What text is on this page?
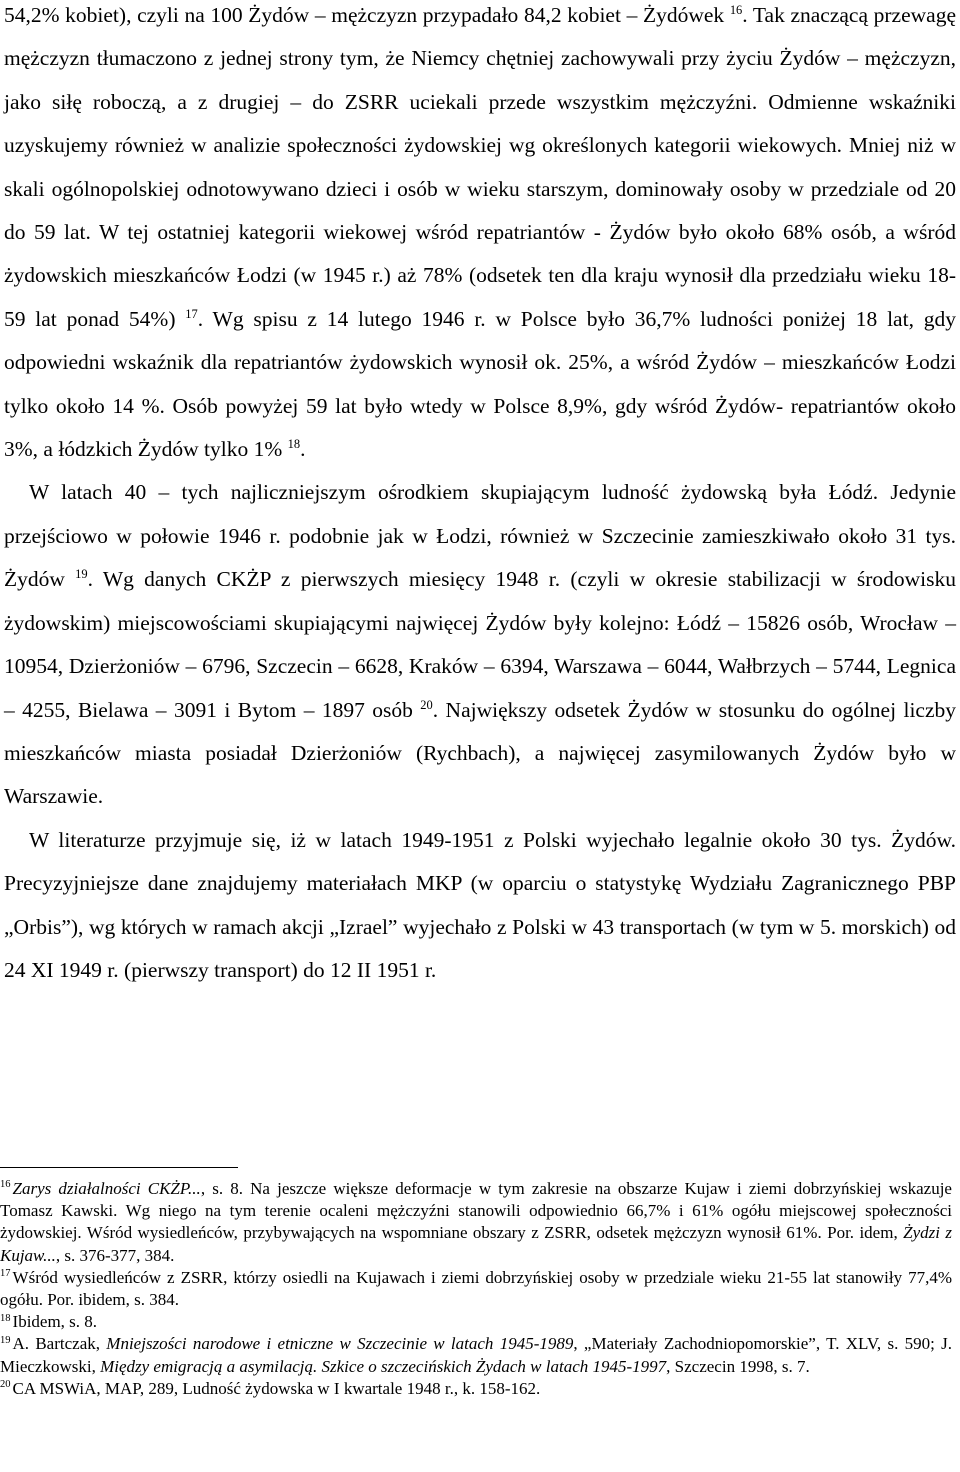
54,2% kobiet), czyli na 100 Żydów – mężczyzn przypadało 84,2 kobiet – Żydówek $^{16}$. Tak znaczącą przewagę mężczyzn tłumaczono z jednej strony tym, że Niemcy chętniej zachowywali przy życiu Żydów – mężczyzn, jako siłę roboczą, a z drugiej – do ZSRR uciekali przede wszystkim mężczyźni. Odmienne wskaźniki uzyskujemy również w analizie społeczności żydowskiej wg określonych kategorii wiekowych. Mniej niż w skali ogólnopolskiej odnotowywano dzieci i osób w wieku starszym, dominowały osoby w przedziale od 20 do 59 lat. W tej ostatniej kategorii wiekowej wśród repatriantów - Żydów było około 68% osób, a wśród żydowskich mieszkańców Łodzi (w 1945 r.) aż 78% (odsetek ten dla kraju wynosił dla przedziału wieku 18-59 lat ponad 54%) $^{17}$. Wg spisu z 14 lutego 1946 r. w Polsce było 36,7% ludności poniżej 18 lat, gdy odpowiedni wskaźnik dla repatriantów żydowskich wynosił ok. 25%, a wśród Żydów – mieszkańców Łodzi tylko około 14 %. Osób powyżej 59 lat było wtedy w Polsce 8,9%, gdy wśród Żydów- repatriantów około 3%, a łódzkich Żydów tylko 1% $^{18}$.

W latach 40 – tych najliczniejszym ośrodkiem skupiającym ludność żydowską była Łódź. Jedynie przejściowo w połowie 1946 r. podobnie jak w Łodzi, również w Szczecinie zamieszkiwało około 31 tys. Żydów $^{19}$. Wg danych CKŻP z pierwszych miesięcy 1948 r. (czyli w okresie stabilizacji w środowisku żydowskim) miejscowościami skupiającymi najwięcej Żydów były kolejno: Łódź – 15826 osób, Wrocław – 10954, Dzierżoniów – 6796, Szczecin – 6628, Kraków – 6394, Warszawa – 6044, Wałbrzych – 5744, Legnica – 4255, Bielawa – 3091 i Bytom – 1897 osób $^{20}$. Największy odsetek Żydów w stosunku do ogólnej liczby mieszkańców miasta posiadał Dzierżoniów (Rychbach), a najwięcej zasymilowanych Żydów było w Warszawie.

W literaturze przyjmuje się, iż w latach 1949-1951 z Polski wyjechało legalnie około 30 tys. Żydów. Precyzyjniejsze dane znajdujemy materiałach MKP (w oparciu o statystykę Wydziału Zagranicznego PBP „Orbis”), wg których w ramach akcji „Izrael” wyjechało z Polski w 43 transportach (w tym w 5. morskich) od 24 XI 1949 r. (pierwszy transport) do 12 II 1951 r.

$^{16}$ Zarys działalności CKŻP..., s. 8. Na jeszcze większe deformacje w tym zakresie na obszarze Kujaw i ziemi dobrzyńskiej wskazuje Tomasz Kawski. Wg niego na tym terenie ocaleni mężczyźni stanowili odpowiednio 66,7% i 61% ogółu miejscowej społeczności żydowskiej. Wśród wysiedleńców, przybywających na wspomniane obszary z ZSRR, odsetek mężczyzn wynosił 61%. Por. idem, Żydzi z Kujaw..., s. 376-377, 384.

$^{17}$ Wśród wysiedleńców z ZSRR, którzy osiedli na Kujawach i ziemi dobrzyńskiej osoby w przedziale wieku 21-55 lat stanowiły 77,4% ogółu. Por. ibidem, s. 384.

$^{18}$ Ibidem, s. 8.

$^{19}$ A. Bartczak, Mniejszości narodowe i etniczne w Szczecinie w latach 1945-1989, „Materiały Zachodniopomorskie”, T. XLV, s. 590; J. Mieczkowski, Między emigracją a asymilacją. Szkice o szczecińskich Żydach w latach 1945-1997, Szczecin 1998, s. 7.

$^{20}$ CA MSWiA, MAP, 289, Ludność żydowska w I kwartale 1948 r., k. 158-162.
